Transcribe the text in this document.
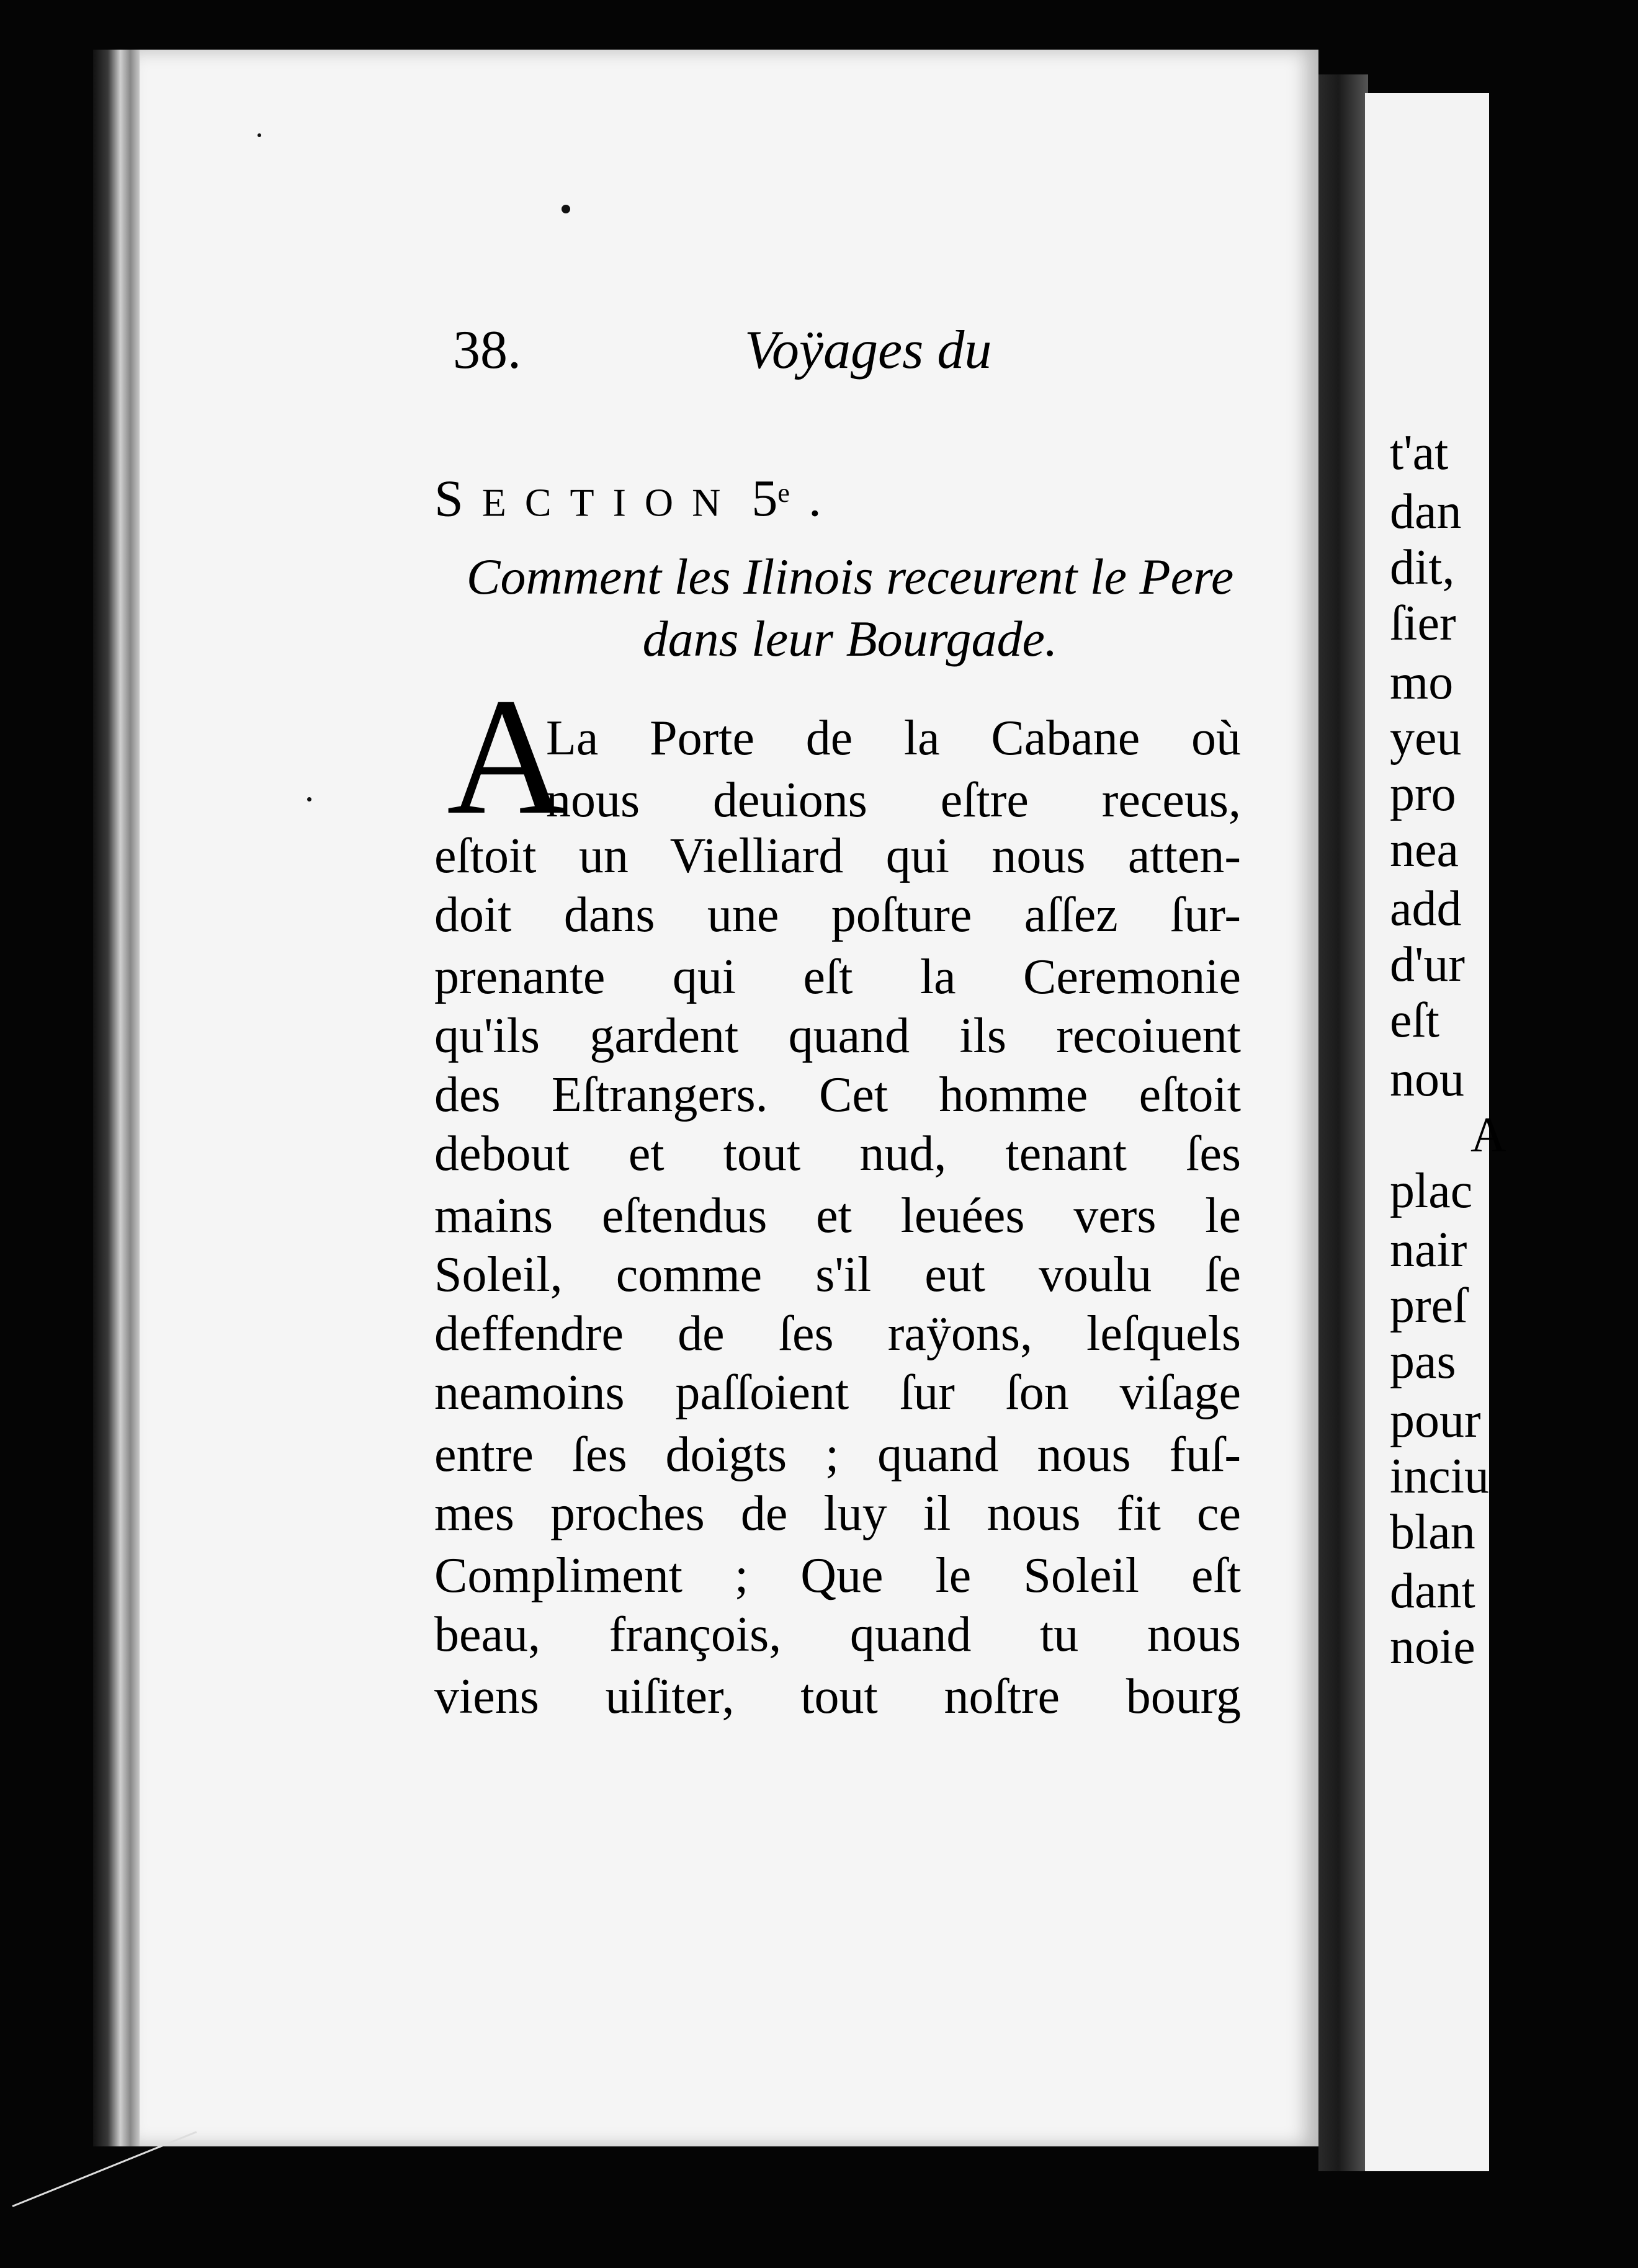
t'at
dan
dit,
ſier
mo
yeu
pro
nea
add
d'ur
eſt
nou
A
plac
nair
preſ
pas
pour
inciu
blan
dant
noie
38.	Voÿages du
SECTION 5e.
Comment les Ilinois receurent le Pere
dans leur Bourgade.
A
La Porte de la Cabane où
nous deuions eſtre receus,
eſtoit un Vielliard qui nous atten-
doit dans une poſture aſſez ſur-
prenante qui eſt la Ceremonie
qu'ils gardent quand ils recoiuent
des Eſtrangers. Cet homme eſtoit
debout et tout nud, tenant ſes
mains eſtendus et leuées vers le
Soleil, comme s'il eut voulu ſe
deffendre de ſes raÿons, leſquels
neamoins paſſoient ſur ſon viſage
entre ſes doigts ; quand nous fuſ-
mes proches de luy il nous fit ce
Compliment ; Que le Soleil eſt
beau, françois, quand tu nous
viens uiſiter, tout noſtre bourg
